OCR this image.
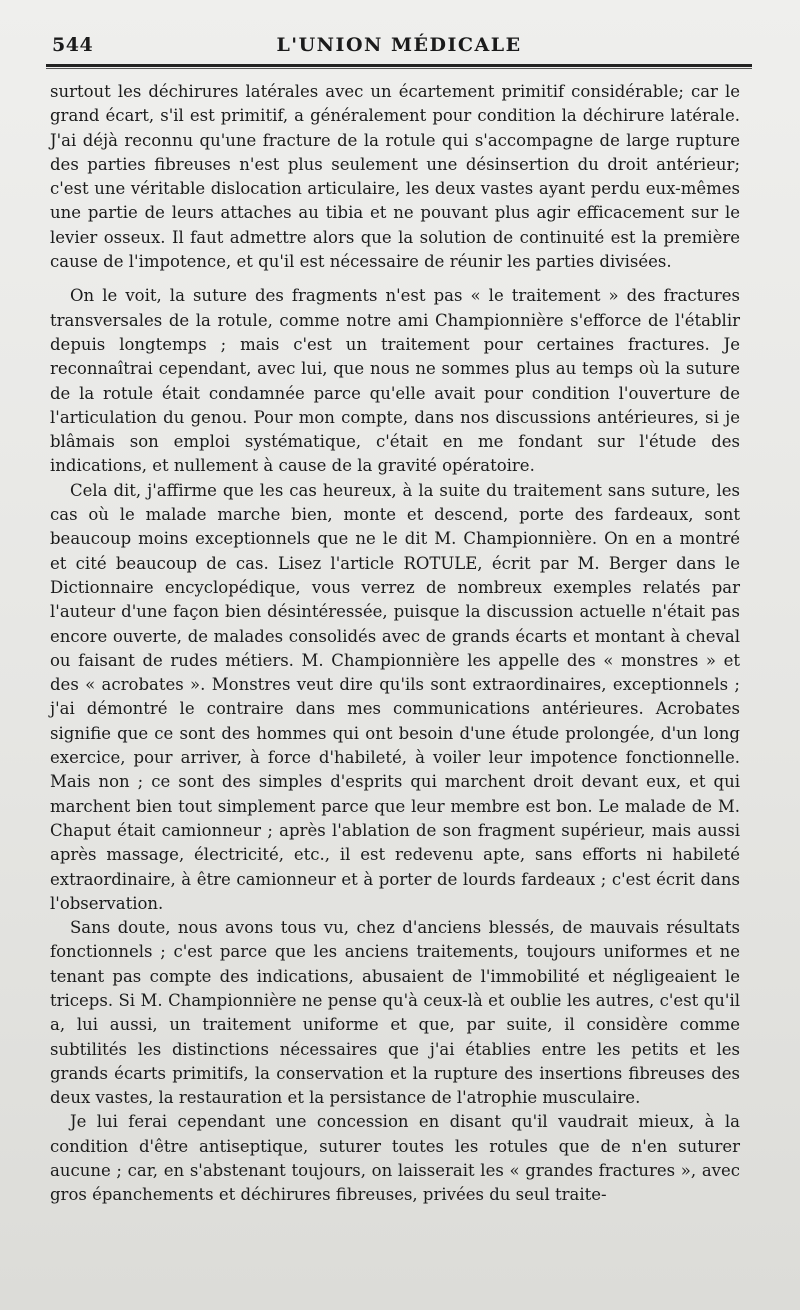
544	L'UNION MÉDICALE

surtout les déchirures latérales avec un écartement primitif considérable; car le grand écart, s'il est primitif, a généralement pour condition la déchirure latérale. J'ai déjà reconnu qu'une fracture de la rotule qui s'accompagne de large rupture des parties fibreuses n'est plus seulement une désinsertion du droit antérieur; c'est une véritable dislocation articulaire, les deux vastes ayant perdu eux-mêmes une partie de leurs attaches au tibia et ne pouvant plus agir efficacement sur le levier osseux. Il faut admettre alors que la solution de continuité est la première cause de l'impotence, et qu'il est nécessaire de réunir les parties divisées.

On le voit, la suture des fragments n'est pas « le traitement » des fractures transversales de la rotule, comme notre ami Championnière s'efforce de l'établir depuis longtemps ; mais c'est un traitement pour certaines fractures. Je reconnaîtrai cependant, avec lui, que nous ne sommes plus au temps où la suture de la rotule était condamnée parce qu'elle avait pour condition l'ouverture de l'articulation du genou. Pour mon compte, dans nos discussions antérieures, si je blâmais son emploi systématique, c'était en me fondant sur l'étude des indications, et nullement à cause de la gravité opératoire.

Cela dit, j'affirme que les cas heureux, à la suite du traitement sans suture, les cas où le malade marche bien, monte et descend, porte des fardeaux, sont beaucoup moins exceptionnels que ne le dit M. Championnière. On en a montré et cité beaucoup de cas. Lisez l'article ROTULE, écrit par M. Berger dans le Dictionnaire encyclopédique, vous verrez de nombreux exemples relatés par l'auteur d'une façon bien désintéressée, puisque la discussion actuelle n'était pas encore ouverte, de malades consolidés avec de grands écarts et montant à cheval ou faisant de rudes métiers. M. Championnière les appelle des « monstres » et des « acrobates ». Monstres veut dire qu'ils sont extraordinaires, exceptionnels ; j'ai démontré le contraire dans mes communications antérieures. Acrobates signifie que ce sont des hommes qui ont besoin d'une étude prolongée, d'un long exercice, pour arriver, à force d'habileté, à voiler leur impotence fonctionnelle. Mais non ; ce sont des simples d'esprits qui marchent droit devant eux, et qui marchent bien tout simplement parce que leur membre est bon. Le malade de M. Chaput était camionneur ; après l'ablation de son fragment supérieur, mais aussi après massage, électricité, etc., il est redevenu apte, sans efforts ni habileté extraordinaire, à être camionneur et à porter de lourds fardeaux ; c'est écrit dans l'observation.

Sans doute, nous avons tous vu, chez d'anciens blessés, de mauvais résultats fonctionnels ; c'est parce que les anciens traitements, toujours uniformes et ne tenant pas compte des indications, abusaient de l'immobilité et négligeaient le triceps. Si M. Championnière ne pense qu'à ceux-là et oublie les autres, c'est qu'il a, lui aussi, un traitement uniforme et que, par suite, il considère comme subtilités les distinctions nécessaires que j'ai établies entre les petits et les grands écarts primitifs, la conservation et la rupture des insertions fibreuses des deux vastes, la restauration et la persistance de l'atrophie musculaire.

Je lui ferai cependant une concession en disant qu'il vaudrait mieux, à la condition d'être antiseptique, suturer toutes les rotules que de n'en suturer aucune ; car, en s'abstenant toujours, on laisserait les « grandes fractures », avec gros épanchements et déchirures fibreuses, privées du seul traite-
